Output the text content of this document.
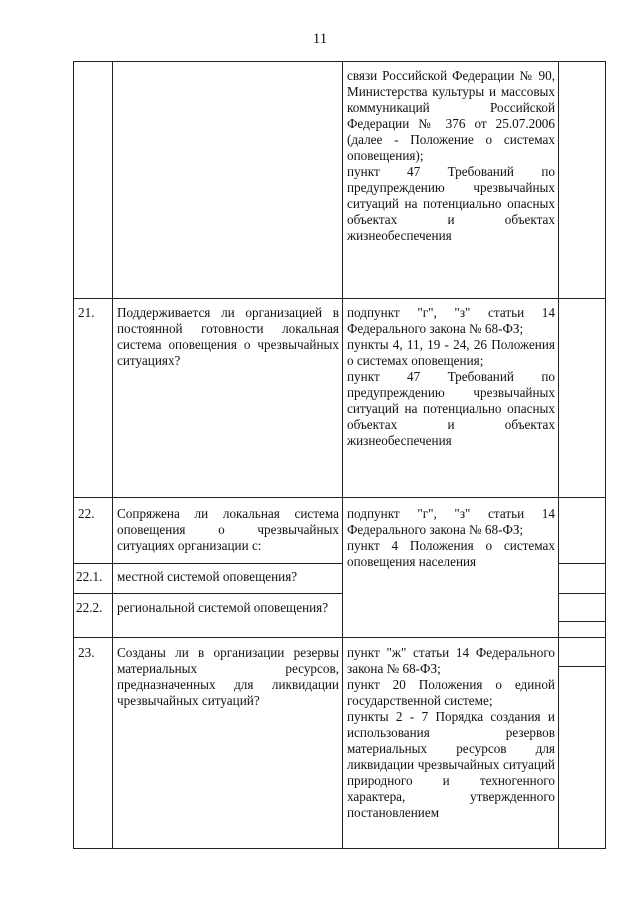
11
связи Российской Федерации № 90, Министерства культуры и массовых коммуникаций Российской Федерации № 376 от 25.07.2006 (далее - Положение о системах оповещения);
пункт 47 Требований по предупреждению чрезвычайных ситуаций на потенциально опасных объектах и объектах жизнеобеспечения
21. Поддерживается ли организацией в постоянной готовности локальная система оповещения о чрезвычайных ситуациях?
подпункт "г", "з" статьи 14 Федерального закона № 68-ФЗ;
пункты 4, 11, 19 - 24, 26 Положения о системах оповещения;
пункт 47 Требований по предупреждению чрезвычайных ситуаций на потенциально опасных объектах и объектах жизнеобеспечения
22. Сопряжена ли локальная система оповещения о чрезвычайных ситуациях организации с:
подпункт "г", "з" статьи 14 Федерального закона № 68-ФЗ;
пункт 4 Положения о системах оповещения населения
22.1. местной системой оповещения?
22.2. региональной системой оповещения?
23. Созданы ли в организации резервы материальных ресурсов, предназначенных для ликвидации чрезвычайных ситуаций?
пункт "ж" статьи 14 Федерального закона № 68-ФЗ;
пункт 20 Положения о единой государственной системе;
пункты 2 - 7 Порядка создания и использования резервов материальных ресурсов для ликвидации чрезвычайных ситуаций природного и техногенного характера, утвержденного постановлением
